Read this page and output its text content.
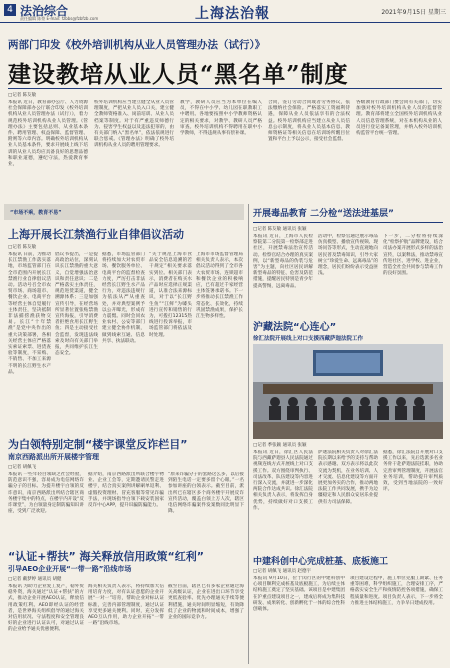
4 法治综合
责任编辑 陈豪 E-mail: fzbbs@fzbfzb.com	上海法治報	2021年9月15日 星期三
两部门印发《校外培训机构从业人员管理办法（试行）》
建设教培从业人员“黑名单”制度
□记者 陈友敏
本报讯 近日，教育部办公厅、人力资源社会保障部办公厅联合印发《校外培训机构从业人员管理办法（试行）》，着力规范校外培训机构从业人员管理。《管理办法》主要包括总则、从业基本条件、聘用管理、权益保障、监督管理、附则等六章内容。明确校外培训机构从业人员基本条件，要求开展线上线下培训的从业人员均应具备良好的思想品德和职业道德，遵纪守法，热爱教育事业，
校外培训机构应当建立健全从业人员管理制度，严把从业人员入口关，建立健全教师资格准入、岗前培训、从业人员档案等制度。对于有严重违反师德行为、侵害学生权益以及违法犯罪的，由有关部门纳入“黑名单”，依法依规进行联合惩戒。《管理办法》明确了校外培训机构从业人员的聘用管理要求。
教学，教研人员应当为本单位在编人员，不得在中小学、幼儿园在职教职工中聘用。各地要按照中小学教师资格认定的相关要求，对教学、教研人员严格审查。校外培训机构不得聘用在职中小学教师，不得违规从事有偿补课。
合同，签订劳动合同或者劳务协议，依法缴纳社会保险。严格落实工资福利待遇，保障从业人员依法享有的合法权益。校外培训机构应当建立从业人员信息公示制度，将从业人员基本信息、教师资格证等相关信息在培训场所醒目位置和平台上予以公示，接受社会监督。
各级教育行政部门要会同有关部门，切实加强对校外培训机构从业人员的监督管理。教育部将建立全国校外培训机构从业人员信息管理系统，对在本机构从业的人员进行登记备案管理，并纳入校外培训机构监管平台统一管理。
“市场不乘，教育不易”
上海开展长江禁渔行业自律倡议活动
□记者 陈友敏
本报讯 日前，为推动长江禁渔工作落实落地，市场监管部门在全市范围内开展长江禁渔行业自律倡议活动。活动号召全市农贸市场、商场超市、餐饮企业、电商平台等经营主体自觉履行主体责任，坚决抵制非法捕捞渔获物交易。长江“十年禁渔”是党中央作出的重大决策部署，各相关经营主体应严格落实索证索票、进货查验等制度，不采购、不销售、不加工来源不明的长江野生水产品。
倡议书提出，一是提高政治站位，深刻认识长江禁渔的重大意义，自觉增强法治意识和责任意识；二是严格落实主体责任，规范进货渠道，健全溯源体系；三是加强宣传引导，在经营场所显著位置张贴禁渔宣传海报，引导消费者拒绝食用长江野生鱼；四是主动接受社会监督，发现违法线索及时向有关部门举报，共同维护长江生态安全。
据悉，市场监管部门将持续加大对农贸市场、餐饮服务单位、电商平台的监督检查力度，严厉打击非法经营长江野生水产品行为，对违法违规行为依法从严从重查处，并对典型案例予以公开曝光，形成有力震慑。同时会同农业农村、公安等部门建立健全协作机制，做到线索互通、信息共享、执法联动。
“关于规范上海市食品安全信息追溯的若干规定”相关要求落实到位。相关部门表示，消费者在购买水产品时应选择正规渠道，认准合法来源标识，对于以“长江野生鱼”“江鲜”为噱头进行宣传和销售的行为，可拨打12315热线进行投诉举报，市场监管部门将依法及时处理。
上海市市场监督管理局相关负责人表示，本次倡议活动得到了全市各大农贸市场、连锁超市和餐饮企业的积极响应，已有超过千家经营主体签署承诺书。下一步将推动长江禁渔工作常态化、长效化，持续巩固禁渔成果，保护长江生物多样性。
开展毒品教育 二分检“送法进基层”
□记者 陈友敏 通讯员 张颖
本报讯 近日，上海市人民检察院第二分院第一检察部走进社区，开展禁毒法治宣传活动。检察官结合办理的真实案例，以“新型毒品的伪装与危害”为主题，向社区居民讲解新型毒品的特征、危害及防范措施，提醒居民特别是青少年提高警惕，远离毒品。
活动中，检察官通过展示毒品仿真模型、播放宣传视频、现场问答等形式，生动直观地向居民普及禁毒知识，引导大家树立“珍爱生命、远离毒品”的理念，居民们纷纷表示受益匪浅。
下一步，二分检将持续深化“检察护航”品牌建设，结合司法办案开展形式多样的法治宣传，以案释法，推动禁毒宣传进社区、进学校、进企业，营造全社会共同参与禁毒工作的良好氛围。
沪藏法院“心连心”
徐汇法院开展线上对口支援西藏萨迦法院工作
□记者 季张颖 通讯员 张颖
本报讯 近日，徐汇区人民法院与西藏萨迦县人民法院通过视频连线方式开展线上对口支援工作。双方围绕审判执行、司法改革、队伍建设等内容进行深入交流，并就进一步深化两院合作达成共识。徐汇法院相关负责人表示，将发挥自身优势，持续做好对口支援工作。
萨迦法院相关负责人对徐汇法院长期以来给予的支持与帮助表示感谢。双方表示将以此次交流为契机，在业务培训、人才交流、信息化建设等方面开展更加务实的合作，推动两地法院工作共同发展，携手为边疆稳定和人民群众安居乐业提供有力司法保障。
据悉，徐汇法院自开展对口支援工作以来，先后选派多名业务骨干赴萨迦法院挂职，协助完善审判管理制度，开展法官业务培训，帮助提升审判质效，受到当地法院的一致好评。
为白领特别定制“楼宇课堂反诈栏目”
南京西路派出所开展楼宇管理
□记者 胡佩飞
本报讯 一些年轻白领缺乏社会经验，防范意识不强，容易成为电信网络诈骗分子的目标。为提升楼宇白领的反诈意识，南京西路派出所结合辖区商务楼宇集中的特点，在楼宇内开设“反诈课堂”，为白领量身定制防骗知识讲座，受到广泛欢迎。
据介绍，南京西路派出所联合楼宇物业、企业工会等，定期邀请民警走进楼宇，结合真实案例讲解刷单返利、虚假投资理财、冒充客服等常见诈骗手法，并现场指导白领下载安装国家反诈中心APP，提升识骗防骗能力。
“原来诈骗分子的套路这么多，以后接到陌生电话一定要多留个心眼。”一名参加讲座的白领表示。截至目前，派出所已在辖区多个商务楼宇开展反诈宣传活动，覆盖白领上万人次，辖区电信网络诈骗案件发案数同比明显下降。
“认证+帮扶” 海关释放信用政策“红利”
引导AEO企业开展“一带一路”沿线市场
□记者 戴梦婷 通讯员 胡健
本报讯 为助力企业复工复产，稳外贸稳外资，海关通过“认证+帮扶”的方式，推动企业开展AEO认证，释放信用政策红利。AEO即经认证的经营者，是世界海关组织倡导的通过海关对信用状况、守法程度和安全管理良好的企业进行认证认可，对通过认证的企业给予通关优惠便利。
海关相关负责人表示，将持续加大信用培育力度，对有认证意愿的企业开展“一对一”培育，帮助企业对标认证标准，完善内部管理制度，通过认证享受更多通关便利。同时，充分发挥AEO互认作用，助力企业开拓“一带一路”沿线市场。
截至目前，辖区已有多家企业通过海关高级认证，企业在进出口环节享受更低查验率、优先办理通关手续等便利措施，通关时间明显缩短，有效降低了企业的物流和时间成本，增强了企业的国际竞争力。
中建科创中心完成桩基、底板施工
□记者 胡佩飞 通讯员 赵德宇
本报讯 9月10日，位于闵行区的中建科创中心项目顺利完成桩基及底板施工，为后续主体结构施工奠定了坚实基础。该项目是中建集团在沪重点建设项目之一，建成后将成为集科技研发、成果转化、创新孵化于一体的综合性科创载体。
项目建设过程中，施工单位克服工期紧、任务重等困难，科学组织施工，合理安排工序，严格落实安全生产和疫情防控各项措施，确保工程质量和进度。项目负责人表示，下一步将全力推进主体结构施工，力争早日建成投用。
